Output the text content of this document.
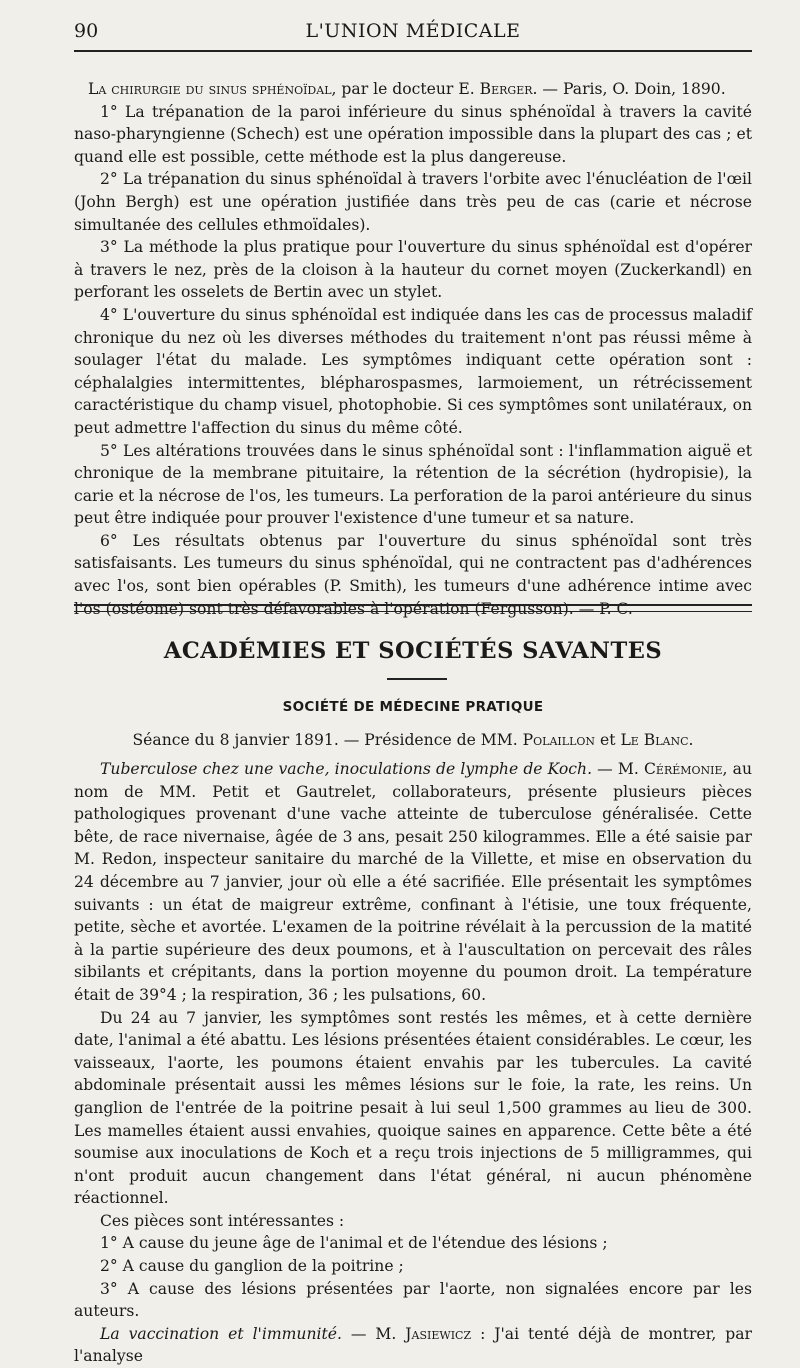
90	L'UNION MÉDICALE

La chirurgie du sinus sphénoïdal, par le docteur E. Berger. — Paris, O. Doin, 1890.

1° La trépanation de la paroi inférieure du sinus sphénoïdal à travers la cavité naso-pharyngienne (Schech) est une opération impossible dans la plupart des cas ; et quand elle est possible, cette méthode est la plus dangereuse.

2° La trépanation du sinus sphénoïdal à travers l'orbite avec l'énucléation de l'œil (John Bergh) est une opération justifiée dans très peu de cas (carie et nécrose simultanée des cellules ethmoïdales).

3° La méthode la plus pratique pour l'ouverture du sinus sphénoïdal est d'opérer à travers le nez, près de la cloison à la hauteur du cornet moyen (Zuckerkandl) en perforant les osselets de Bertin avec un stylet.

4° L'ouverture du sinus sphénoïdal est indiquée dans les cas de processus maladif chronique du nez où les diverses méthodes du traitement n'ont pas réussi même à soulager l'état du malade. Les symptômes indiquant cette opération sont : céphalalgies intermittentes, blépharospasmes, larmoiement, un rétrécissement caractéristique du champ visuel, photophobie. Si ces symptômes sont unilatéraux, on peut admettre l'affection du sinus du même côté.

5° Les altérations trouvées dans le sinus sphénoïdal sont : l'inflammation aiguë et chronique de la membrane pituitaire, la rétention de la sécrétion (hydropisie), la carie et la nécrose de l'os, les tumeurs. La perforation de la paroi antérieure du sinus peut être indiquée pour prouver l'existence d'une tumeur et sa nature.

6° Les résultats obtenus par l'ouverture du sinus sphénoïdal sont très satisfaisants. Les tumeurs du sinus sphénoïdal, qui ne contractent pas d'adhérences avec l'os, sont bien opérables (P. Smith), les tumeurs d'une adhérence intime avec l'os (ostéome) sont très défavorables à l'opération (Fergusson). — P. C.

ACADÉMIES ET SOCIÉTÉS SAVANTES
SOCIÉTÉ DE MÉDECINE PRATIQUE
Séance du 8 janvier 1891. — Présidence de MM. Polaillon et Le Blanc.

Tuberculose chez une vache, inoculations de lymphe de Koch. — M. Cérémonie, au nom de MM. Petit et Gautrelet, collaborateurs, présente plusieurs pièces pathologiques provenant d'une vache atteinte de tuberculose généralisée. Cette bête, de race nivernaise, âgée de 3 ans, pesait 250 kilogrammes. Elle a été saisie par M. Redon, inspecteur sanitaire du marché de la Villette, et mise en observation du 24 décembre au 7 janvier, jour où elle a été sacrifiée. Elle présentait les symptômes suivants : un état de maigreur extrême, confinant à l'étisie, une toux fréquente, petite, sèche et avortée. L'examen de la poitrine révélait à la percussion de la matité à la partie supérieure des deux poumons, et à l'auscultation on percevait des râles sibilants et crépitants, dans la portion moyenne du poumon droit. La température était de 39°4 ; la respiration, 36 ; les pulsations, 60.

Du 24 au 7 janvier, les symptômes sont restés les mêmes, et à cette dernière date, l'animal a été abattu. Les lésions présentées étaient considérables. Le cœur, les vaisseaux, l'aorte, les poumons étaient envahis par les tubercules. La cavité abdominale présentait aussi les mêmes lésions sur le foie, la rate, les reins. Un ganglion de l'entrée de la poitrine pesait à lui seul 1,500 grammes au lieu de 300. Les mamelles étaient aussi envahies, quoique saines en apparence. Cette bête a été soumise aux inoculations de Koch et a reçu trois injections de 5 milligrammes, qui n'ont produit aucun changement dans l'état général, ni aucun phénomène réactionnel.

Ces pièces sont intéressantes :

1° A cause du jeune âge de l'animal et de l'étendue des lésions ;

2° A cause du ganglion de la poitrine ;

3° A cause des lésions présentées par l'aorte, non signalées encore par les auteurs.

La vaccination et l'immunité. — M. Jasiewicz : J'ai tenté déjà de montrer, par l'analyse
